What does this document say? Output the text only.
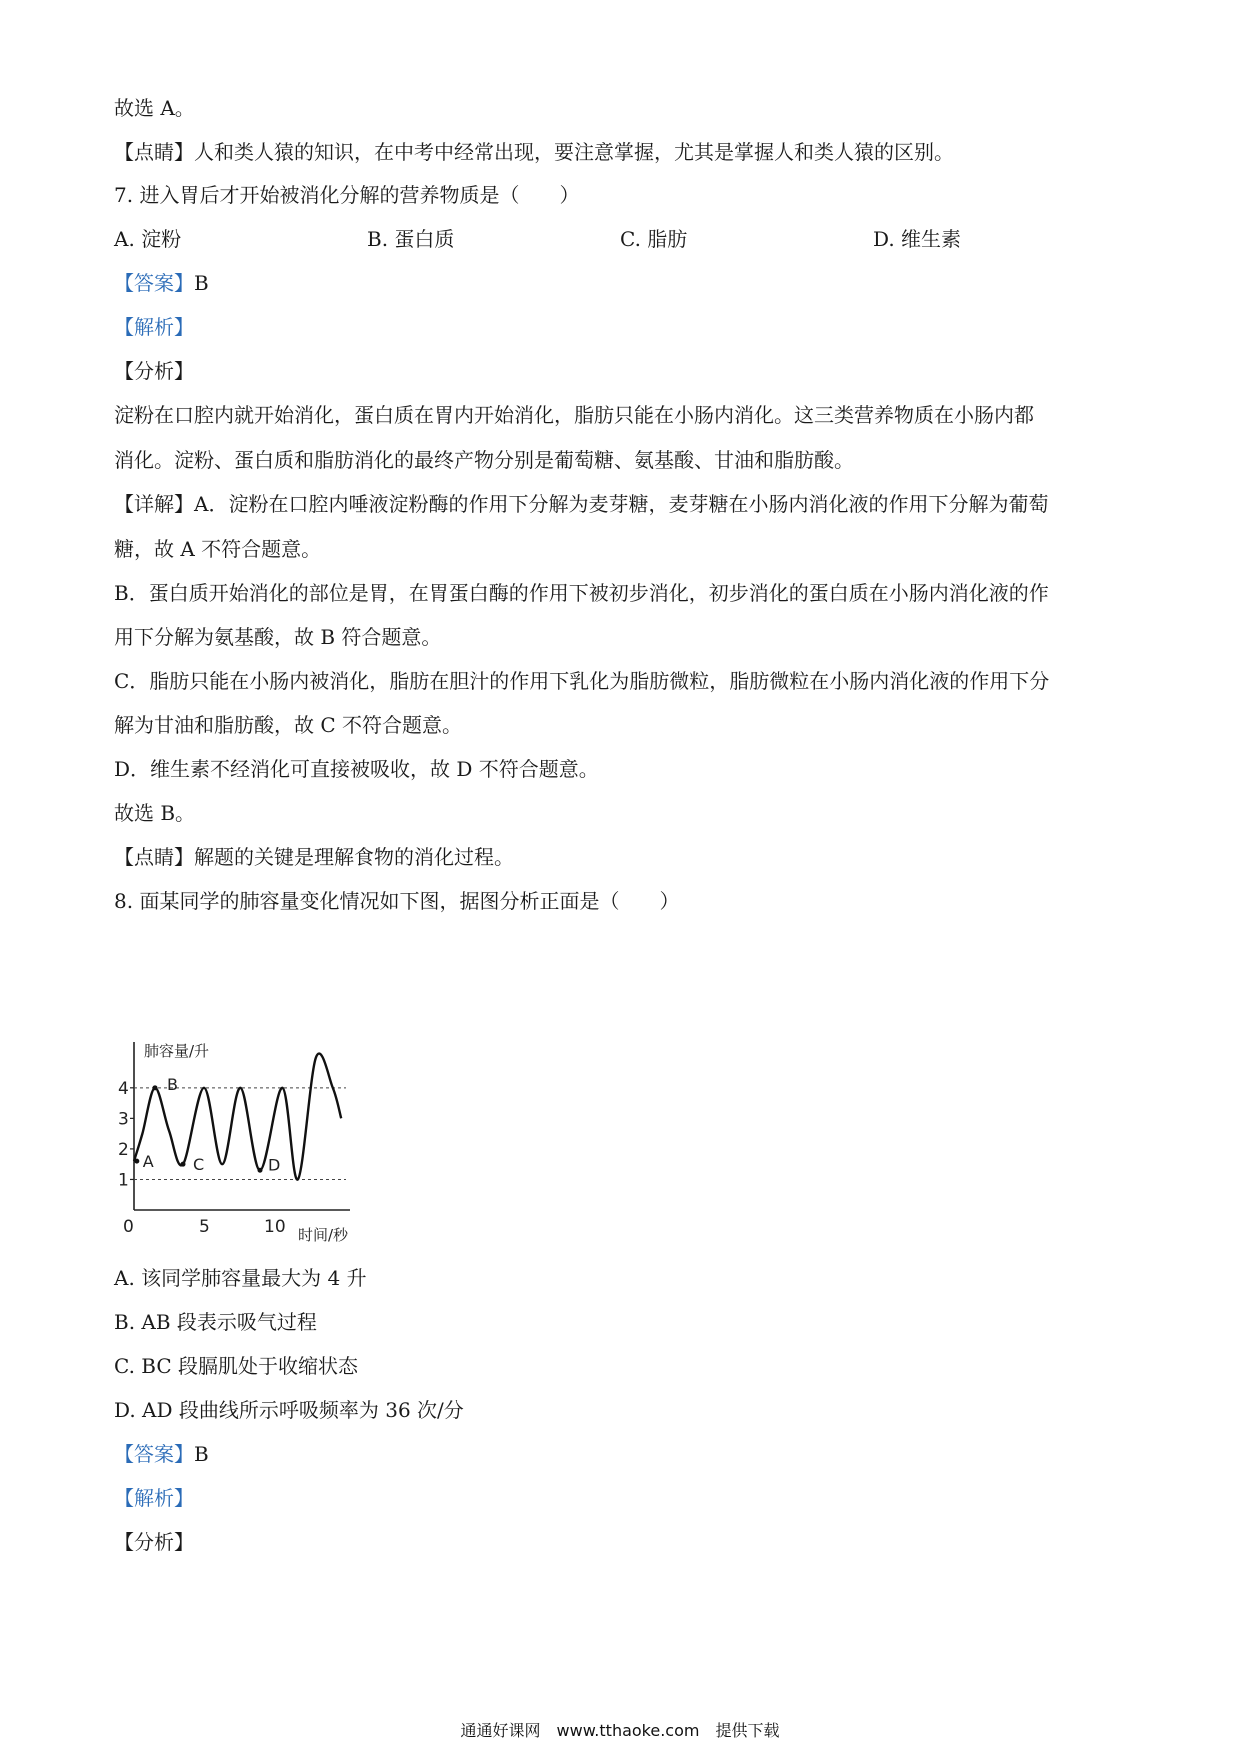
故选 A。
【点睛】人和类人猿的知识，在中考中经常出现，要注意掌握，尤其是掌握人和类人猿的区别。
7. 进入胃后才开始被消化分解的营养物质是（　　）
A. 淀粉	B. 蛋白质	C. 脂肪	D. 维生素
【答案】B
【解析】
【分析】
淀粉在口腔内就开始消化，蛋白质在胃内开始消化，脂肪只能在小肠内消化。这三类营养物质在小肠内都
消化。淀粉、蛋白质和脂肪消化的最终产物分别是葡萄糖、氨基酸、甘油和脂肪酸。
【详解】A．淀粉在口腔内唾液淀粉酶的作用下分解为麦芽糖，麦芽糖在小肠内消化液的作用下分解为葡萄
糖，故 A 不符合题意。
B．蛋白质开始消化的部位是胃，在胃蛋白酶的作用下被初步消化，初步消化的蛋白质在小肠内消化液的作
用下分解为氨基酸，故 B 符合题意。
C．脂肪只能在小肠内被消化，脂肪在胆汁的作用下乳化为脂肪微粒，脂肪微粒在小肠内消化液的作用下分
解为甘油和脂肪酸，故 C 不符合题意。
D．维生素不经消化可直接被吸收，故 D 不符合题意。
故选 B。
【点睛】解题的关键是理解食物的消化过程。
8. 面某同学的肺容量变化情况如下图，据图分析正面是（　　）
1
2
3
4
0	5	10
肺容量/升
时间/秒
A
B
C	D
A. 该同学肺容量最大为 4 升
B. AB 段表示吸气过程
C. BC 段膈肌处于收缩状态
D. AD 段曲线所示呼吸频率为 36 次/分
【答案】B
【解析】
【分析】
通通好课网　www.tthaoke.com　提供下载
